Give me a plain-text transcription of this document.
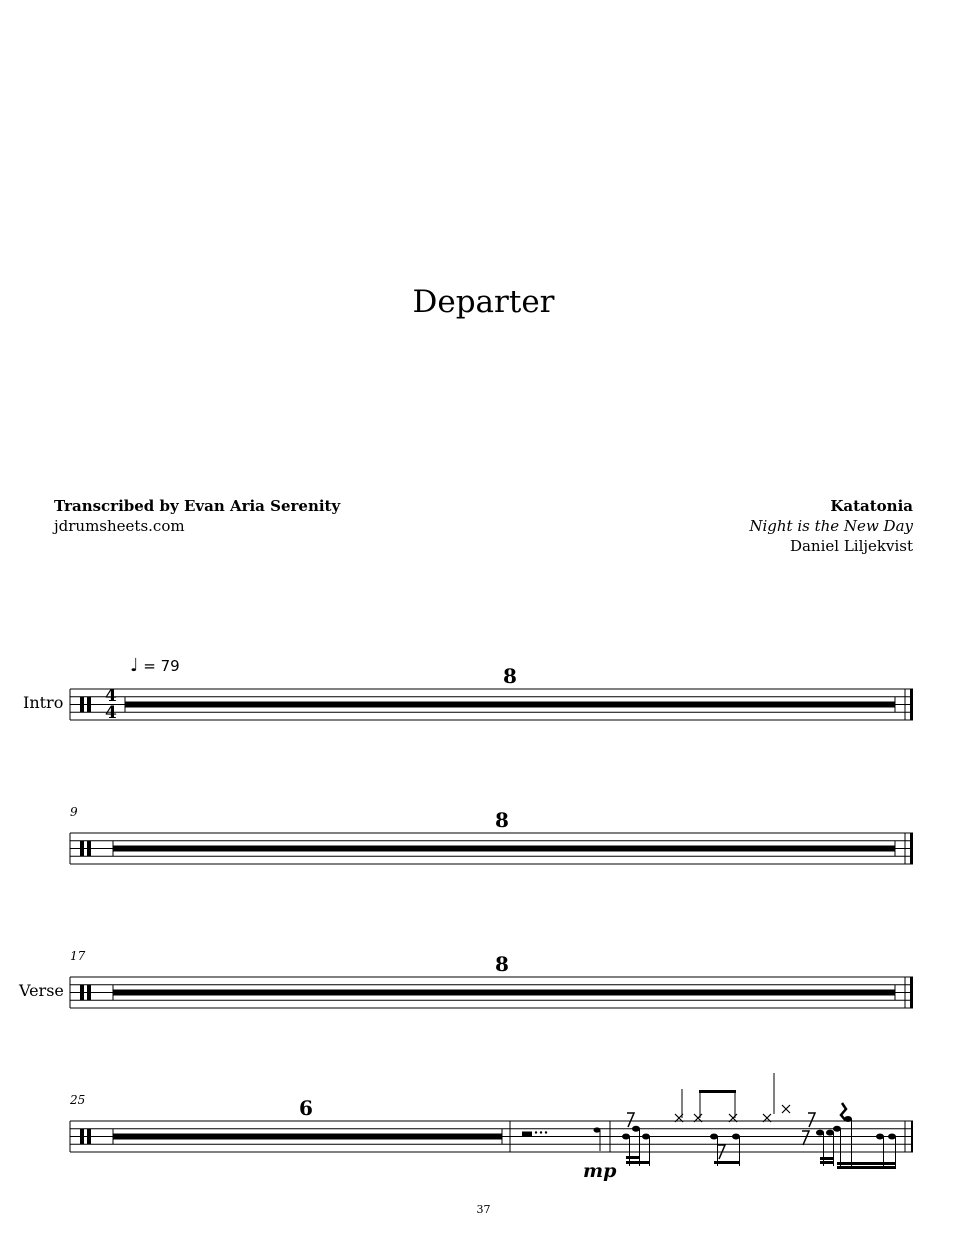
Departer
Transcribed by Evan Aria Serenity
jdrumsheets.com
Katatonia
Night is the New Day
Daniel Liljekvist
♩ = 79
4
4
Intro
Verse
9
17
25
8
8
8
6
mp
37
